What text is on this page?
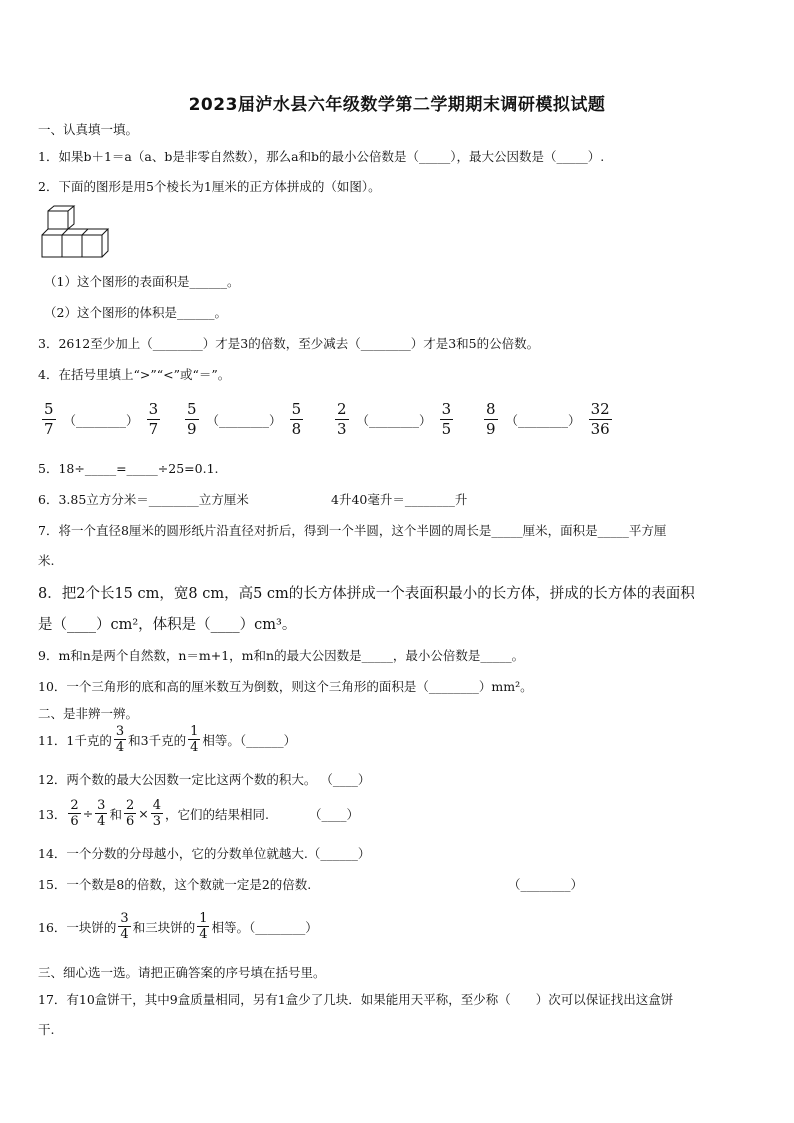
2023届泸水县六年级数学第二学期期末调研模拟试题
一、认真填一填。
1．如果b＋1＝a（a、b是非零自然数），那么a和b的最小公倍数是（_____），最大公因数是（_____）.
2．下面的图形是用5个棱长为1厘米的正方体拼成的（如图）。
（1）这个图形的表面积是______。
（2）这个图形的体积是______。
3．2612至少加上（________）才是3的倍数，至少减去（________）才是3和5的公倍数。
4．在括号里填上“>”“<”或“＝”。
$\frac{5}{7}$ （________） $\frac{3}{7} \frac{5}{9}$ （________） $\frac{5}{8} \frac{2}{3}$ （________） $\frac{3}{5} \frac{8}{9}$ （________） $\frac{32}{36}$
5．18÷_____=_____÷25=0.1.
6．3.85立方分米＝________立方厘米	4升40毫升＝________升
7．将一个直径8厘米的圆形纸片沿直径对折后，得到一个半圆，这个半圆的周长是_____厘米，面积是_____平方厘
米.
8．把2个长15 cm，宽8 cm，高5 cm的长方体拼成一个表面积最小的长方体，拼成的长方体的表面积
是（____）cm²，体积是（____）cm³。
9．m和n是两个自然数，n＝m+1，m和n的最大公因数是_____，最小公倍数是_____。
10．一个三角形的底和高的厘米数互为倒数，则这个三角形的面积是（________）mm²。
二、是非辨一辨。
11．1千克的 $\frac{3}{4}$ 和3千克的 $\frac{1}{4}$ 相等。（______）
12．两个数的最大公因数一定比这两个数的积大。 （____）
13． $\frac{2}{6} \div \frac{3}{4}$ 和 $\frac{2}{6} \times \frac{4}{3}$ ，它们的结果相同.	（____）
14．一个分数的分母越小，它的分数单位就越大.（______）
15．一个数是8的倍数，这个数就一定是2的倍数.	（________）
16．一块饼的 $\frac{3}{4}$ 和三块饼的 $\frac{1}{4}$ 相等。（________）
三、细心选一选。请把正确答案的序号填在括号里。
17．有10盒饼干，其中9盒质量相同，另有1盒少了几块．如果能用天平称，至少称（　　）次可以保证找出这盒饼
干.
